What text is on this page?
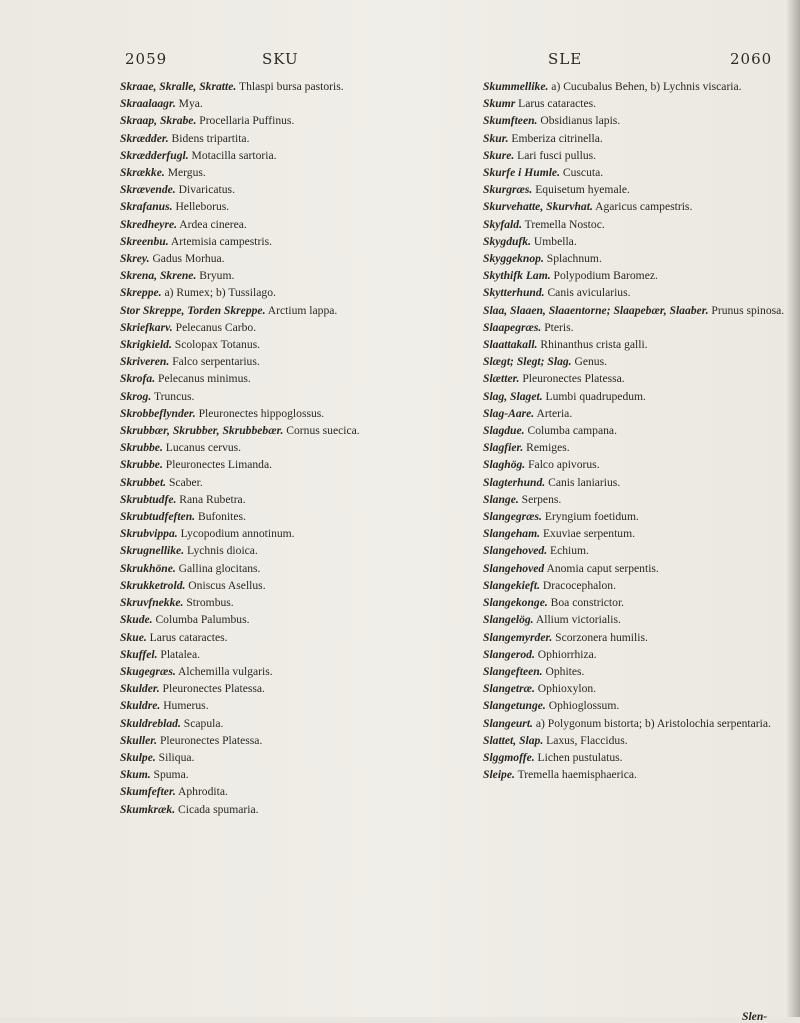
2059	SKU	SLE	2060
Skraae, Skralle, Skratte. Thlaspi bursa pastoris.
Skraalaagr. Mya.
Skraap, Skrabe. Procellaria Puffinus.
Skrædder. Bidens tripartita.
Skrædderfugl. Motacilla sartoria.
Skrække. Mergus.
Skrævende. Divaricatus.
Skrafanus. Helleborus.
Skredheyre. Ardea cinerea.
Skreenbu. Artemisia campestris.
Skrey. Gadus Morhua.
Skrena, Skrene. Bryum.
Skreppe. a) Rumex; b) Tussilago.
Stor Skreppe, Torden Skreppe. Arctium lappa.
Skriefkarv. Pelecanus Carbo.
Skrigkield. Scolopax Totanus.
Skriveren. Falco serpentarius.
Skrofa. Pelecanus minimus.
Skrog. Truncus.
Skrobbeflynder. Pleuronectes hippoglossus.
Skrubbær, Skrubber, Skrubbebær. Cornus suecica.
Skrubbe. Lucanus cervus.
Skrubbe. Pleuronectes Limanda.
Skrubbet. Scaber.
Skrubtudfe. Rana Rubetra.
Skrubtudfeften. Bufonites.
Skrubvippa. Lycopodium annotinum.
Skrugnellike. Lychnis dioica.
Skrukhöne. Gallina glocitans.
Skrukketrold. Oniscus Asellus.
Skruvfnekke. Strombus.
Skude. Columba Palumbus.
Skue. Larus cataractes.
Skuffel. Platalea.
Skugegræs. Alchemilla vulgaris.
Skulder. Pleuronectes Platessa.
Skuldre. Humerus.
Skuldreblad. Scapula.
Skuller. Pleuronectes Platessa.
Skulpe. Siliqua.
Skum. Spuma.
Skumfefter. Aphrodita.
Skumkræk. Cicada spumaria.
Skummellike. a) Cucubalus Behen, b) Lychnis viscaria.
Skumr Larus cataractes.
Skumfteen. Obsidianus lapis.
Skur. Emberiza citrinella.
Skure. Lari fusci pullus.
Skurfe i Humle. Cuscuta.
Skurgræs. Equisetum hyemale.
Skurvehatte, Skurvhat. Agaricus campestris.
Skyfald. Tremella Nostoc.
Skygdufk. Umbella.
Skyggeknop. Splachnum.
Skythifk Lam. Polypodium Baromez.
Skytterhund. Canis avicularius.
Slaa, Slaaen, Slaaentorne; Slaapebær, Slaaber. Prunus spinosa.
Slaapegræs. Pteris.
Slaattakall. Rhinanthus crista galli.
Slægt; Slegt; Slag. Genus.
Slætter. Pleuronectes Platessa.
Slag, Slaget. Lumbi quadrupedum.
Slag-Aare. Arteria.
Slagdue. Columba campana.
Slagfier. Remiges.
Slaghög. Falco apivorus.
Slagterhund. Canis laniarius.
Slange. Serpens.
Slangegræs. Eryngium foetidum.
Slangeham. Exuviae serpentum.
Slangehoved. Echium.
Slangehoved Anomia caput serpentis.
Slangekieft. Dracocephalon.
Slangekonge. Boa constrictor.
Slangelög. Allium victorialis.
Slangemyrder. Scorzonera humilis.
Slangerod. Ophiorrhiza.
Slangefteen. Ophites.
Slangetræ. Ophioxylon.
Slangetunge. Ophioglossum.
Slangeurt. a) Polygonum bistorta; b) Aristolochia serpentaria.
Slattet, Slap. Laxus, Flaccidus.
Slggmoffe. Lichen pustulatus.
Sleipe. Tremella haemisphaerica.
Slen-
